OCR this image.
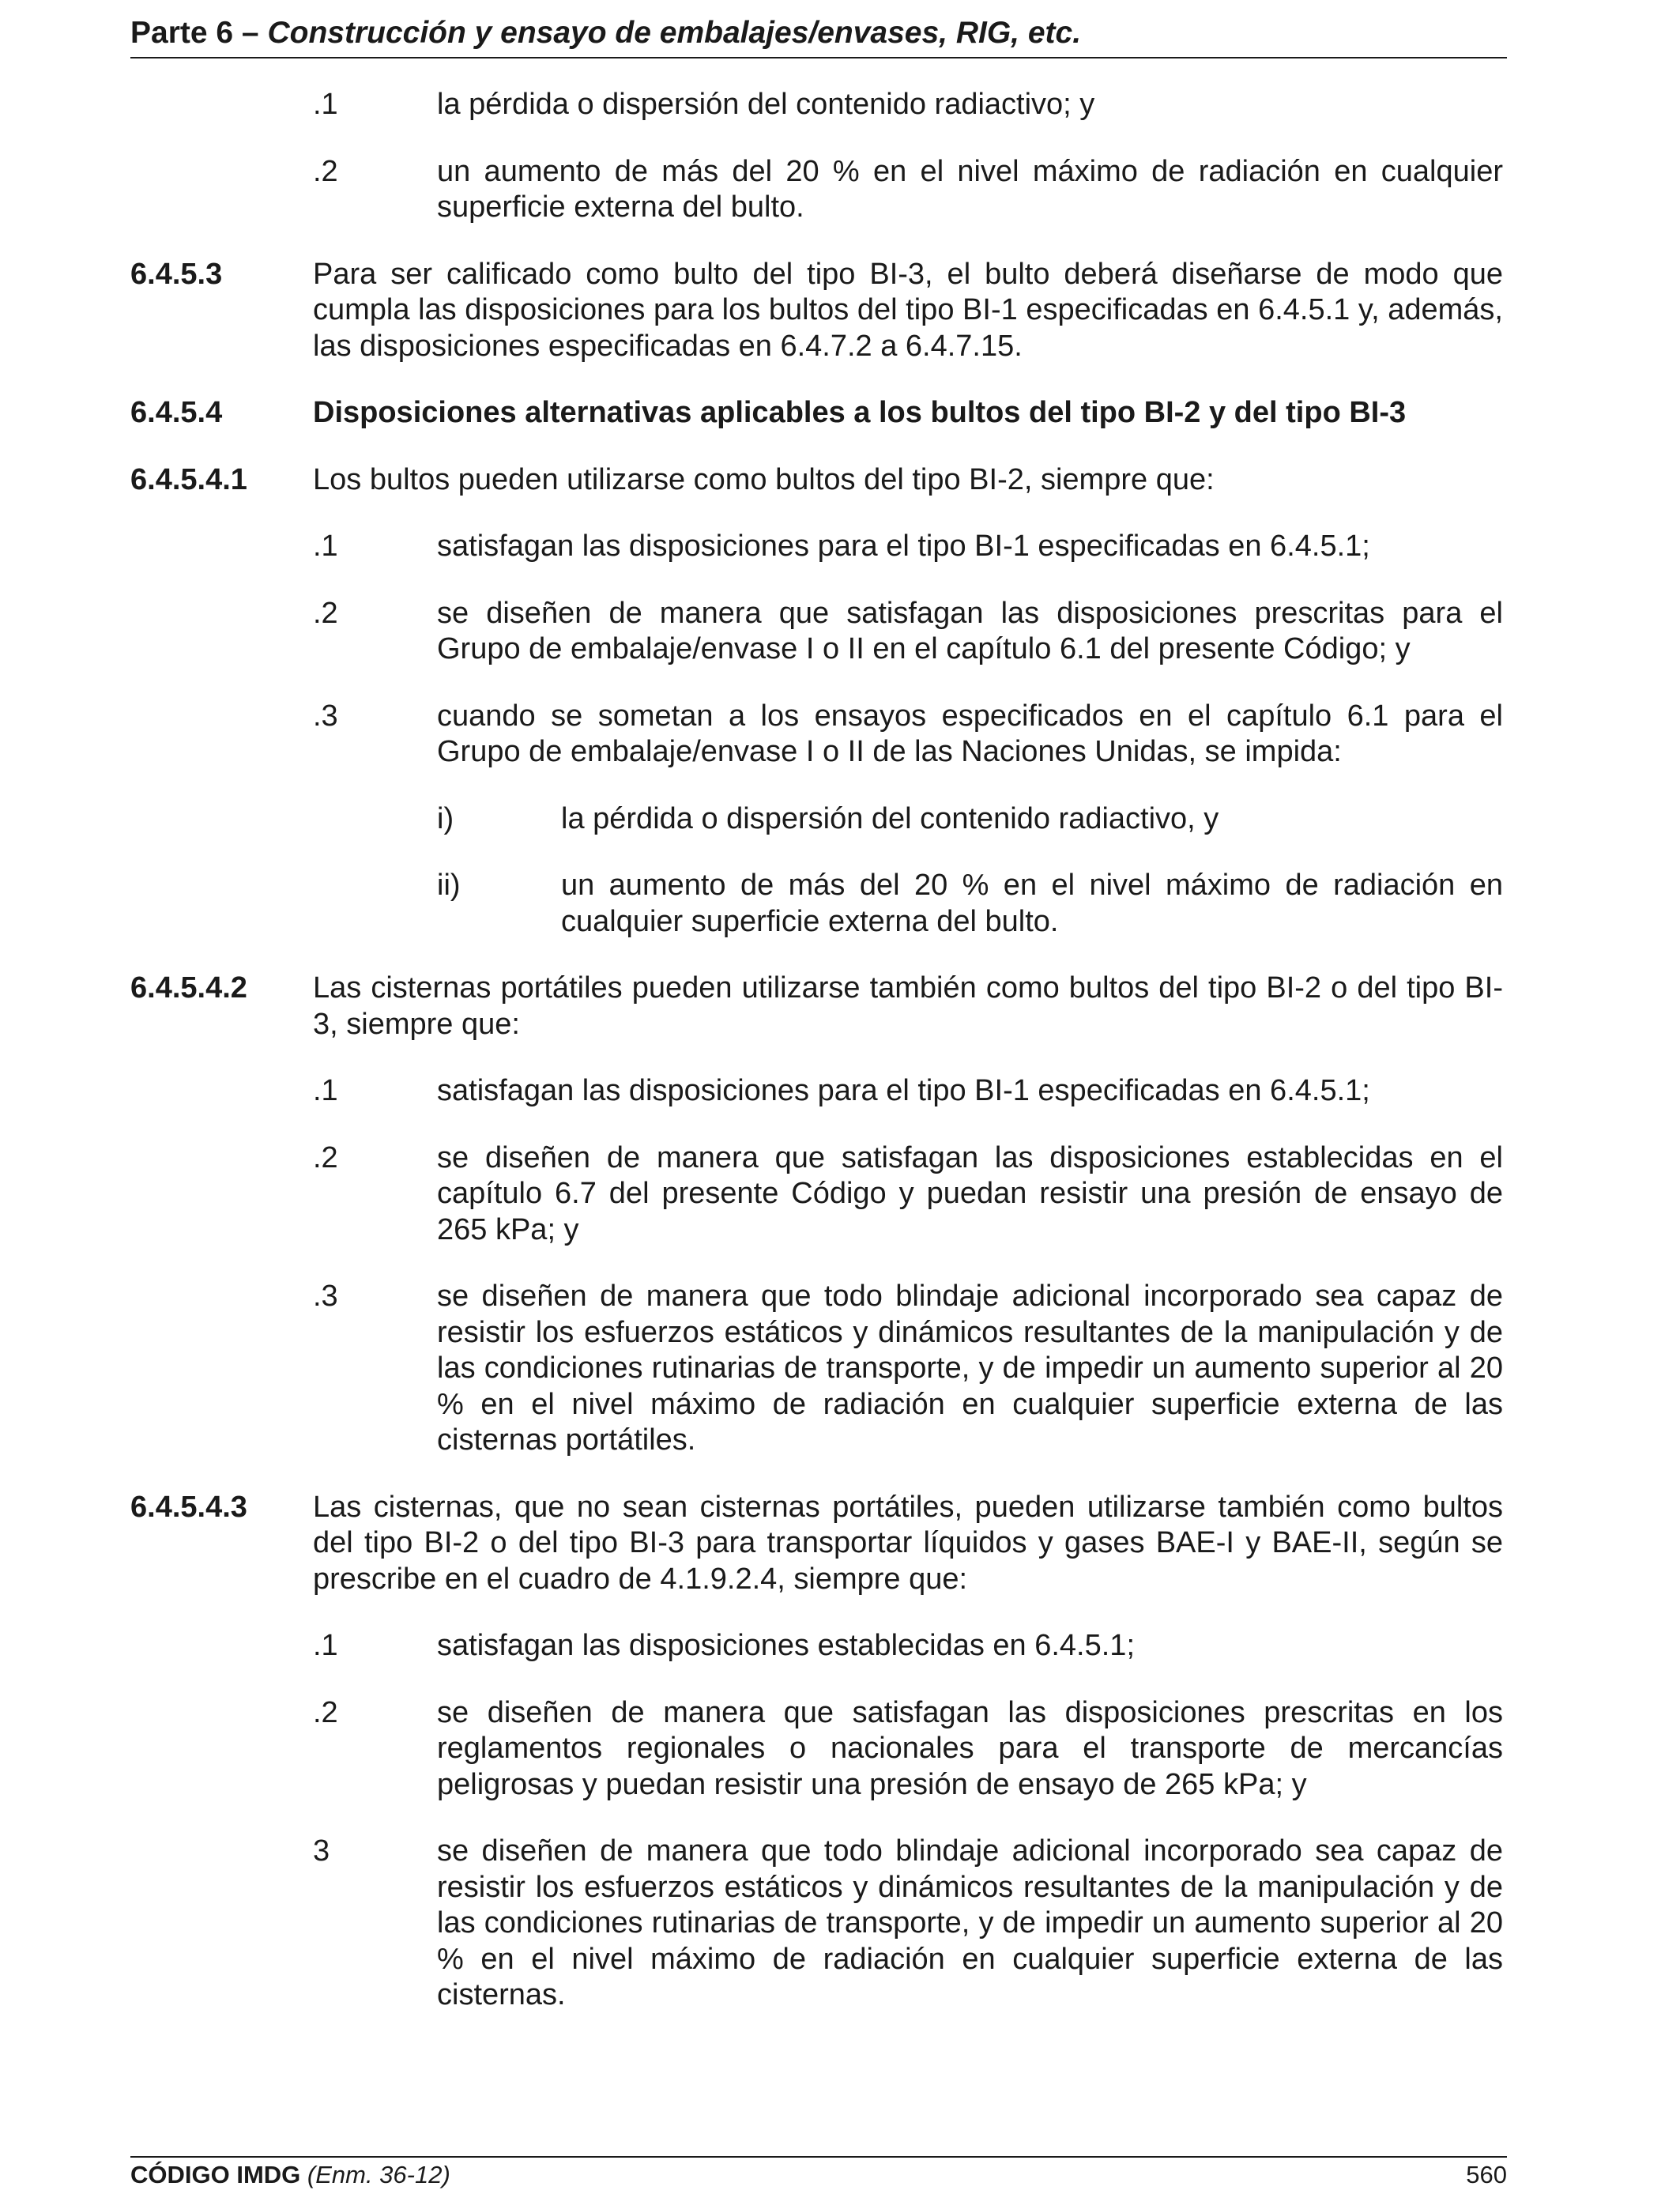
Parte 6 – Construcción y ensayo de embalajes/envases, RIG, etc.
.1	la pérdida o dispersión del contenido radiactivo; y
.2	un aumento de más del 20 % en el nivel máximo de radiación en cualquier superficie externa del bulto.
6.4.5.3	Para ser calificado como bulto del tipo BI-3, el bulto deberá diseñarse de modo que cumpla las disposiciones para los bultos del tipo BI-1 especificadas en 6.4.5.1 y, además, las disposiciones especificadas en 6.4.7.2 a 6.4.7.15.
6.4.5.4	Disposiciones alternativas aplicables a los bultos del tipo BI-2 y del tipo BI-3
6.4.5.4.1	Los bultos pueden utilizarse como bultos del tipo BI-2, siempre que:
.1	satisfagan las disposiciones para el tipo BI-1 especificadas en 6.4.5.1;
.2	se diseñen de manera que satisfagan las disposiciones prescritas para el Grupo de embalaje/envase I o II en el capítulo 6.1 del presente Código; y
.3	cuando se sometan a los ensayos especificados en el capítulo 6.1 para el Grupo de embalaje/envase I o II de las Naciones Unidas, se impida:
i)	la pérdida o dispersión del contenido radiactivo, y
ii)	un aumento de más del 20 % en el nivel máximo de radiación en cualquier superficie externa del bulto.
6.4.5.4.2	Las cisternas portátiles pueden utilizarse también como bultos del tipo BI-2 o del tipo BI-3, siempre que:
.1	satisfagan las disposiciones para el tipo BI-1 especificadas en 6.4.5.1;
.2	se diseñen de manera que satisfagan las disposiciones establecidas en el capítulo 6.7 del presente Código y puedan resistir una presión de ensayo de 265 kPa; y
.3	se diseñen de manera que todo blindaje adicional incorporado sea capaz de resistir los esfuerzos estáticos y dinámicos resultantes de la manipulación y de las condiciones rutinarias de transporte, y de impedir un aumento superior al 20 % en el nivel máximo de radiación en cualquier superficie externa de las cisternas portátiles.
6.4.5.4.3	Las cisternas, que no sean cisternas portátiles, pueden utilizarse también como bultos del tipo BI-2 o del tipo BI-3 para transportar líquidos y gases BAE-I y BAE-II, según se prescribe en el cuadro de 4.1.9.2.4, siempre que:
.1	satisfagan las disposiciones establecidas en 6.4.5.1;
.2	se diseñen de manera que satisfagan las disposiciones prescritas en los reglamentos regionales o nacionales para el transporte de mercancías peligrosas y puedan resistir una presión de ensayo de 265 kPa; y
3	se diseñen de manera que todo blindaje adicional incorporado sea capaz de resistir los esfuerzos estáticos y dinámicos resultantes de la manipulación y de las condiciones rutinarias de transporte, y de impedir un aumento superior al 20 % en el nivel máximo de radiación en cualquier superficie externa de las cisternas.
CÓDIGO IMDG (Enm. 36-12)	560
